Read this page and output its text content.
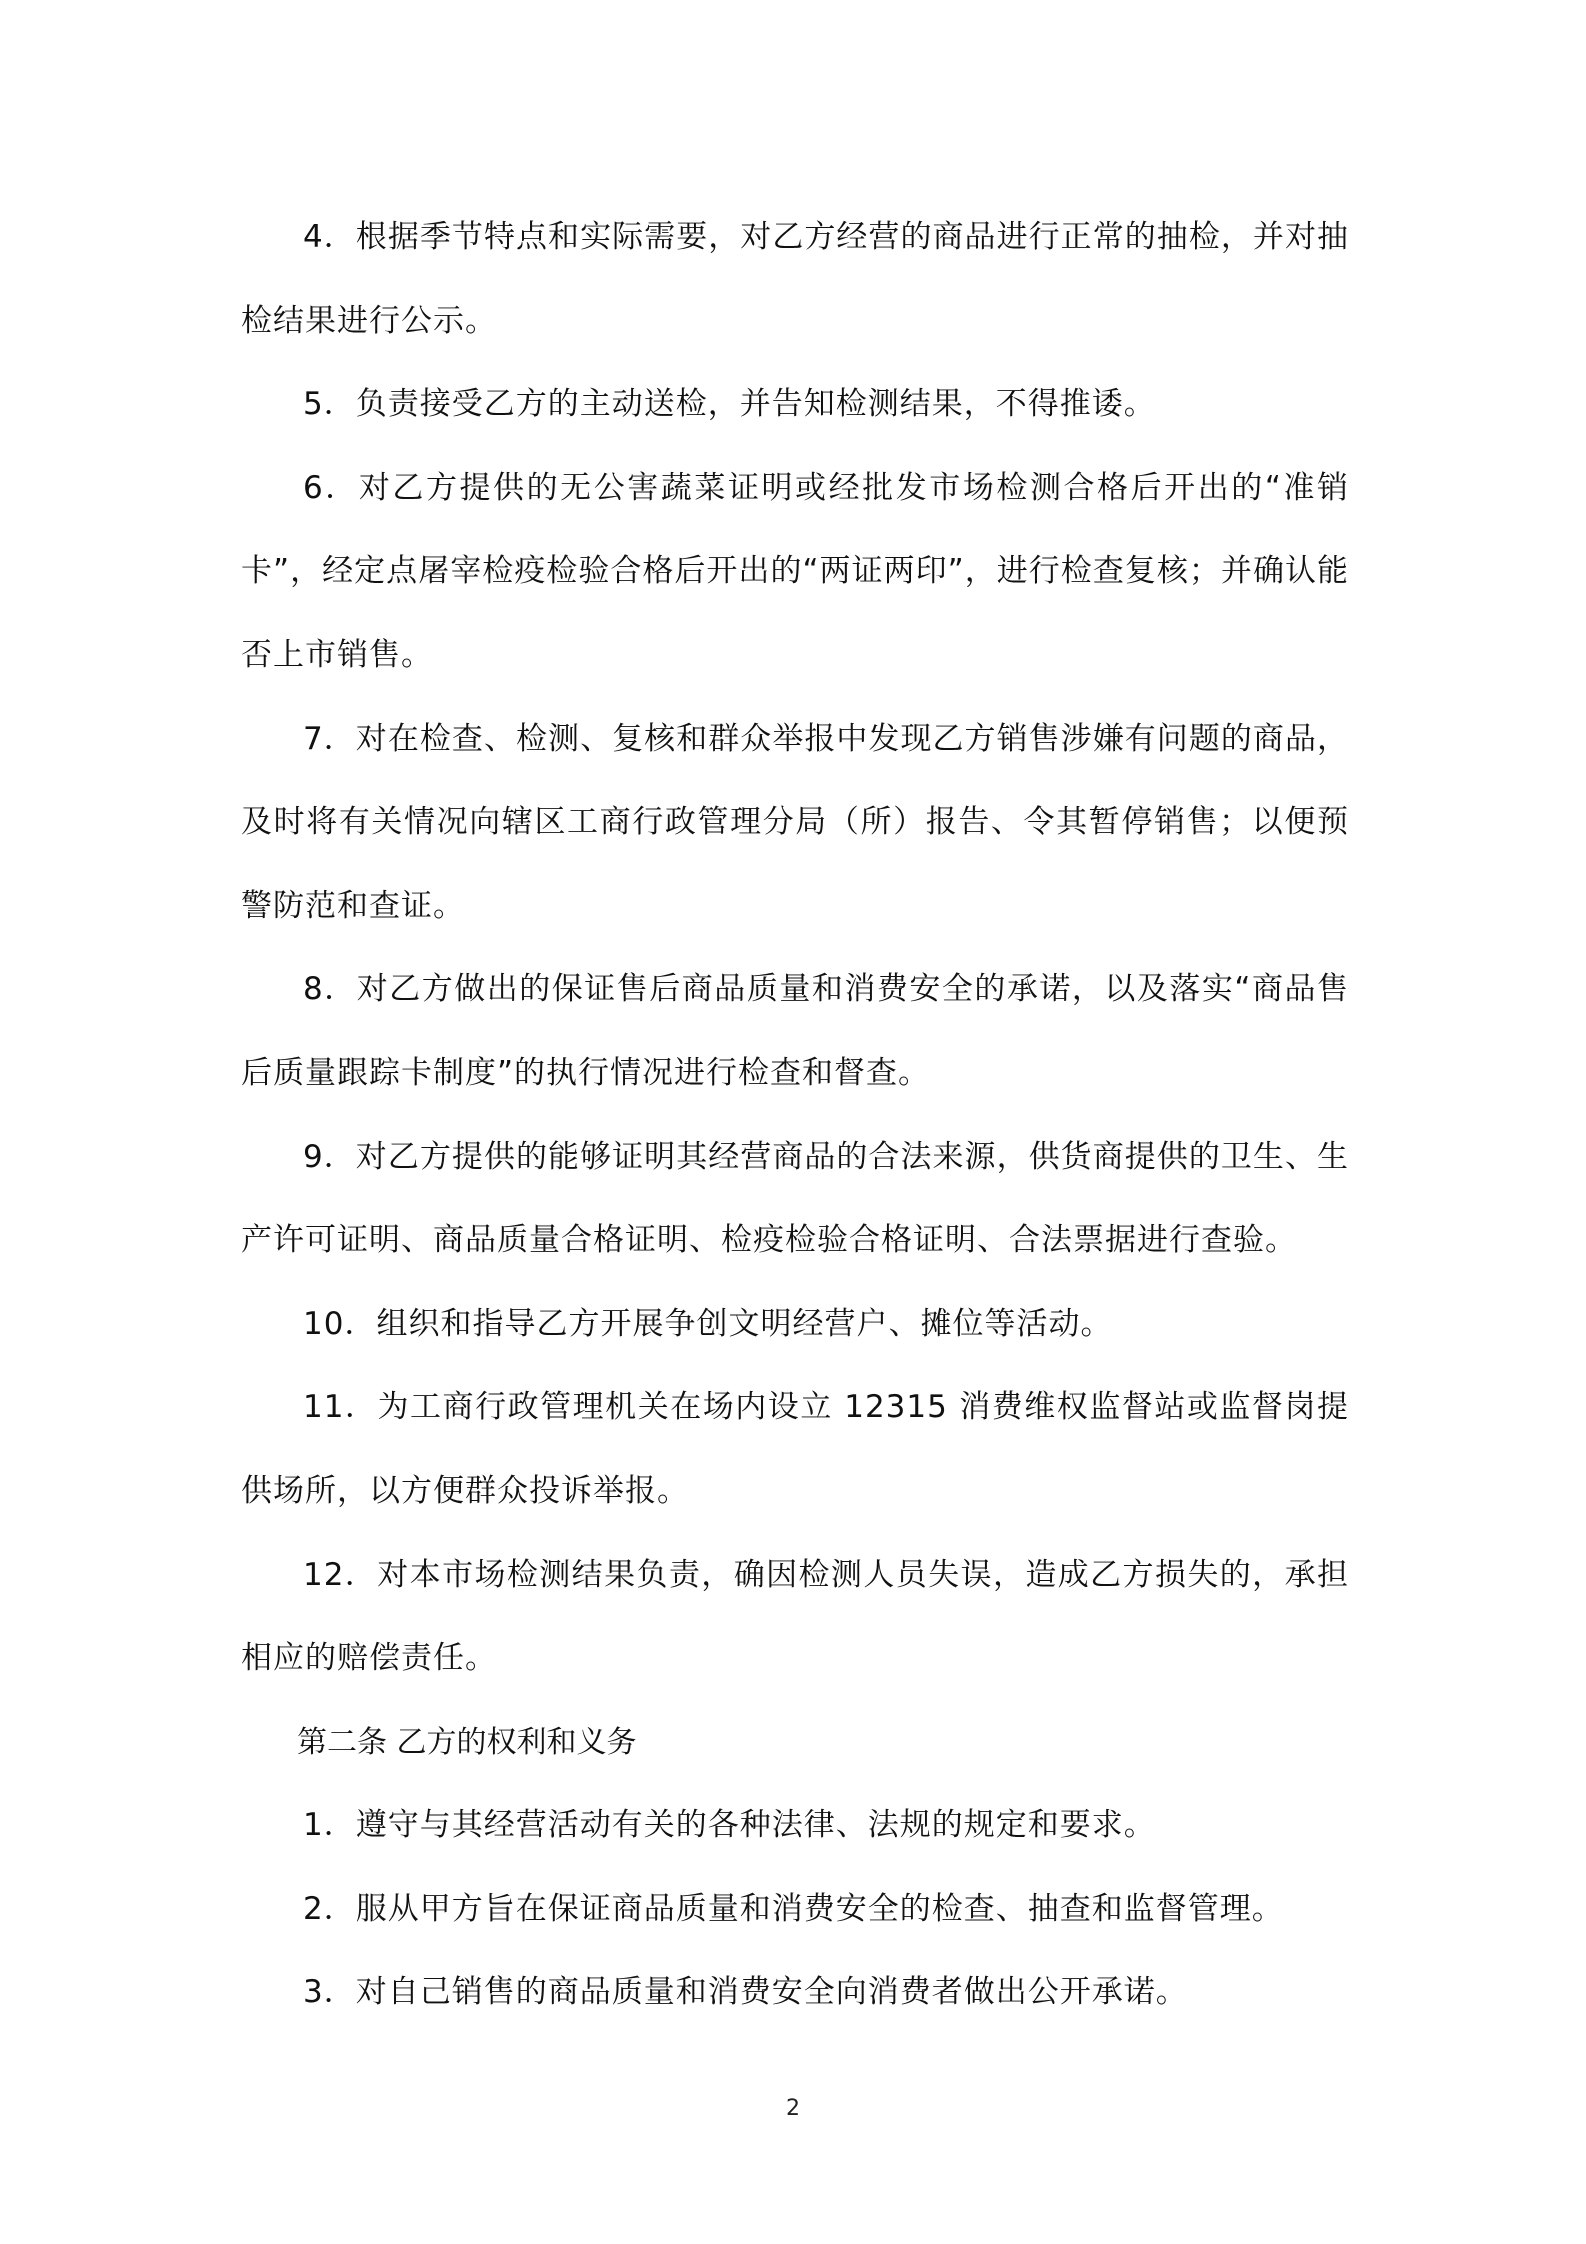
4．根据季节特点和实际需要，对乙方经营的商品进行正常的抽检，并对抽检结果进行公示。

5．负责接受乙方的主动送检，并告知检测结果，不得推诿。

6．对乙方提供的无公害蔬菜证明或经批发市场检测合格后开出的“准销卡”，经定点屠宰检疫检验合格后开出的“两证两印”，进行检查复核；并确认能否上市销售。

7．对在检查、检测、复核和群众举报中发现乙方销售涉嫌有问题的商品，及时将有关情况向辖区工商行政管理分局（所）报告、令其暂停销售；以便预警防范和查证。

8．对乙方做出的保证售后商品质量和消费安全的承诺，以及落实“商品售后质量跟踪卡制度”的执行情况进行检查和督查。

9．对乙方提供的能够证明其经营商品的合法来源，供货商提供的卫生、生产许可证明、商品质量合格证明、检疫检验合格证明、合法票据进行查验。

10．组织和指导乙方开展争创文明经营户、摊位等活动。

11．为工商行政管理机关在场内设立 12315 消费维权监督站或监督岗提供场所，以方便群众投诉举报。

12．对本市场检测结果负责，确因检测人员失误，造成乙方损失的，承担相应的赔偿责任。

第二条 乙方的权利和义务

1．遵守与其经营活动有关的各种法律、法规的规定和要求。

2．服从甲方旨在保证商品质量和消费安全的检查、抽查和监督管理。

3．对自己销售的商品质量和消费安全向消费者做出公开承诺。

2
